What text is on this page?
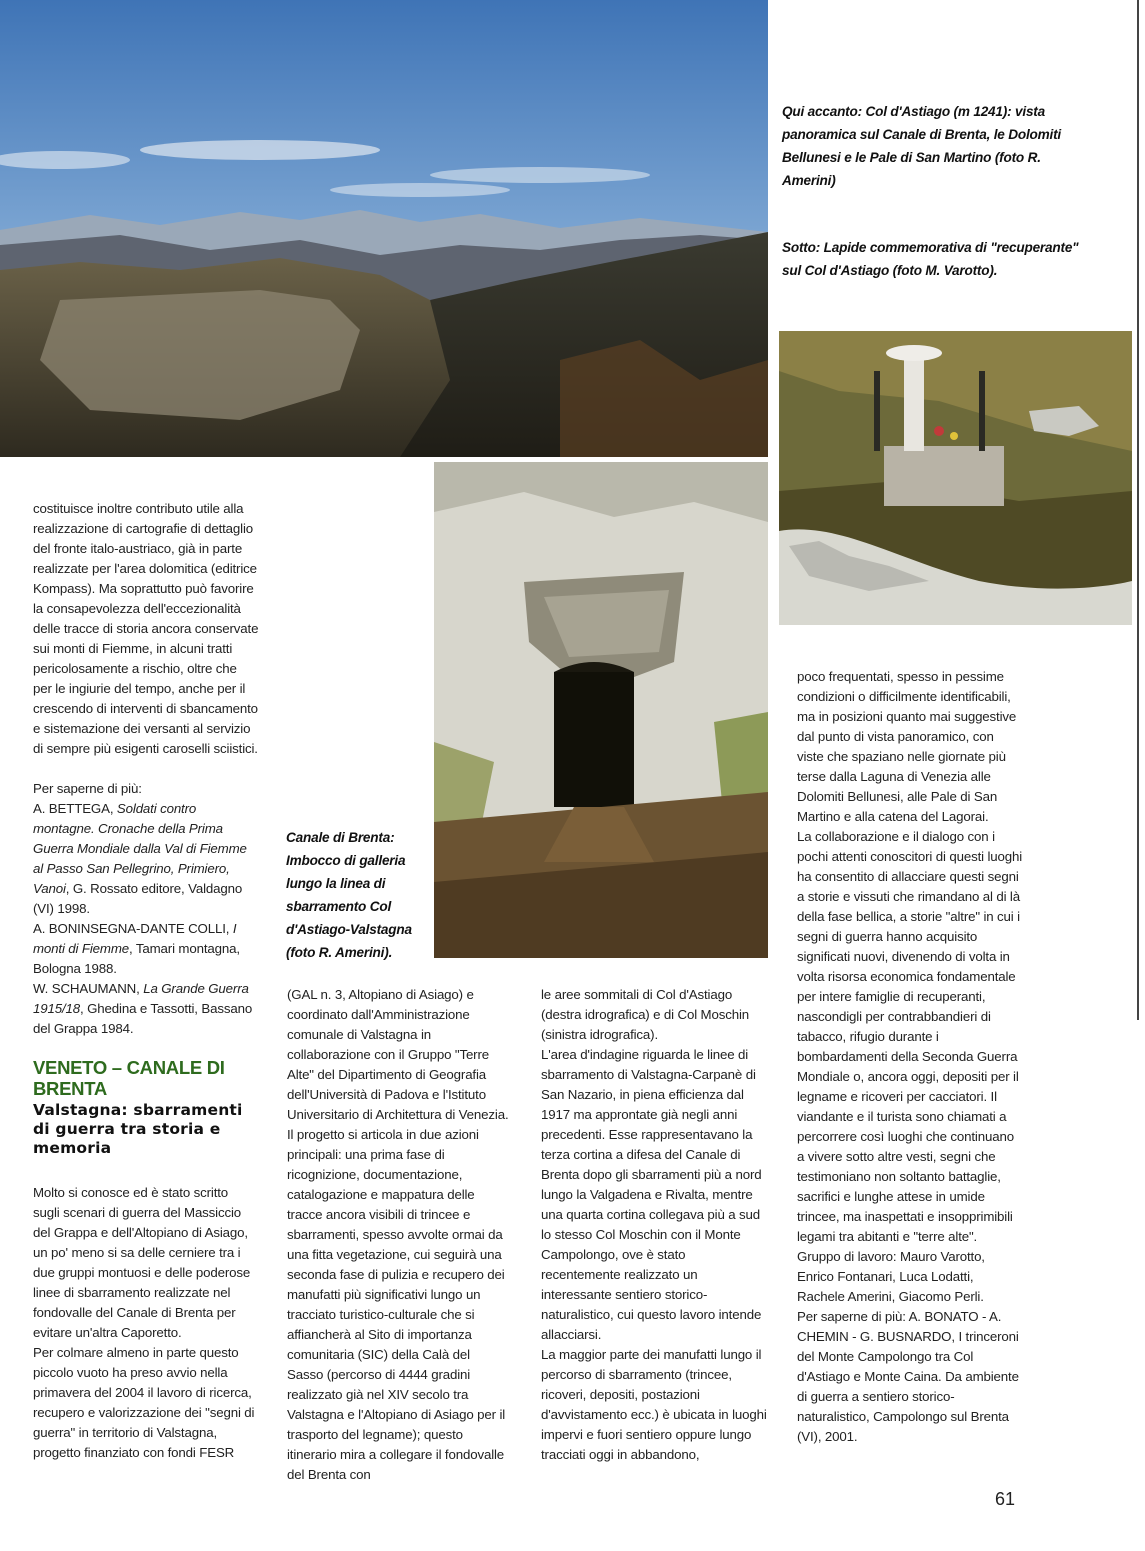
Qui accanto: Col d'Astiago (m 1241): vista panoramica sul Canale di Brenta, le Dolomiti Bellunesi e le Pale di San Martino (foto R. Amerini)
Sotto: Lapide commemorativa di "recuperante" sul Col d'Astiago (foto M. Varotto).

costituisce inoltre contributo utile alla realizzazione di cartografie di dettaglio del fronte italo-austriaco, già in parte realizzate per l'area dolomitica (editrice Kompass). Ma soprattutto può favorire la consapevolezza dell'eccezionalità delle tracce di storia ancora conservate sui monti di Fiemme, in alcuni tratti pericolosamente a rischio, oltre che per le ingiurie del tempo, anche per il crescendo di interventi di sbancamento e sistemazione dei versanti al servizio di sempre più esigenti caroselli sciistici.

Per saperne di più:

A. BETTEGA, Soldati contro montagne. Cronache della Prima Guerra Mondiale dalla Val di Fiemme al Passo San Pellegrino, Primiero, Vanoi, G. Rossato editore, Valdagno (VI) 1998.

A. BONINSEGNA-DANTE COLLI, I monti di Fiemme, Tamari montagna, Bologna 1988.

W. SCHAUMANN, La Grande Guerra 1915/18, Ghedina e Tassotti, Bassano del Grappa 1984.

VENETO – CANALE DI BRENTA
Valstagna: sbarramenti di guerra tra storia e memoria

Molto si conosce ed è stato scritto sugli scenari di guerra del Massiccio del Grappa e dell'Altopiano di Asiago, un po' meno si sa delle cerniere tra i due gruppi montuosi e delle poderose linee di sbarramento realizzate nel fondovalle del Canale di Brenta per evitare un'altra Caporetto.

Per colmare almeno in parte questo piccolo vuoto ha preso avvio nella primavera del 2004 il lavoro di ricerca, recupero e valorizzazione dei "segni di guerra" in territorio di Valstagna, progetto finanziato con fondi FESR

Canale di Brenta: Imbocco di galleria lungo la linea di sbarramento Col d'Astiago-Valstagna (foto R. Amerini).

(GAL n. 3, Altopiano di Asiago) e coordinato dall'Amministrazione comunale di Valstagna in collaborazione con il Gruppo "Terre Alte" del Dipartimento di Geografia dell'Università di Padova e l'Istituto Universitario di Architettura di Venezia.

Il progetto si articola in due azioni principali: una prima fase di ricognizione, documentazione, catalogazione e mappatura delle tracce ancora visibili di trincee e sbarramenti, spesso avvolte ormai da una fitta vegetazione, cui seguirà una seconda fase di pulizia e recupero dei manufatti più significativi lungo un tracciato turistico-culturale che si affiancherà al Sito di importanza comunitaria (SIC) della Calà del Sasso (percorso di 4444 gradini realizzato già nel XIV secolo tra Valstagna e l'Altopiano di Asiago per il trasporto del legname); questo itinerario mira a collegare il fondovalle del Brenta con

le aree sommitali di Col d'Astiago (destra idrografica) e di Col Moschin (sinistra idrografica).

L'area d'indagine riguarda le linee di sbarramento di Valstagna-Carpanè di San Nazario, in piena efficienza dal 1917 ma approntate già negli anni precedenti. Esse rappresentavano la terza cortina a difesa del Canale di Brenta dopo gli sbarramenti più a nord lungo la Valgadena e Rivalta, mentre una quarta cortina collegava più a sud lo stesso Col Moschin con il Monte Campolongo, ove è stato recentemente realizzato un interessante sentiero storico-naturalistico, cui questo lavoro intende allacciarsi.

La maggior parte dei manufatti lungo il percorso di sbarramento (trincee, ricoveri, depositi, postazioni d'avvistamento ecc.) è ubicata in luoghi impervi e fuori sentiero oppure lungo tracciati oggi in abbandono,

poco frequentati, spesso in pessime condizioni o difficilmente identificabili, ma in posizioni quanto mai suggestive dal punto di vista panoramico, con viste che spaziano nelle giornate più terse dalla Laguna di Venezia alle Dolomiti Bellunesi, alle Pale di San Martino e alla catena del Lagorai.

La collaborazione e il dialogo con i pochi attenti conoscitori di questi luoghi ha consentito di allacciare questi segni a storie e vissuti che rimandano al di là della fase bellica, a storie "altre" in cui i segni di guerra hanno acquisito significati nuovi, divenendo di volta in volta risorsa economica fondamentale per intere famiglie di recuperanti, nascondigli per contrabbandieri di tabacco, rifugio durante i bombardamenti della Seconda Guerra Mondiale o, ancora oggi, depositi per il legname e ricoveri per cacciatori. Il viandante e il turista sono chiamati a percorrere così luoghi che continuano a vivere sotto altre vesti, segni che testimoniano non soltanto battaglie, sacrifici e lunghe attese in umide trincee, ma inaspettati e insopprimibili legami tra abitanti e "terre alte".

Gruppo di lavoro: Mauro Varotto, Enrico Fontanari, Luca Lodatti, Rachele Amerini, Giacomo Perli.

Per saperne di più: A. BONATO - A. CHEMIN - G. BUSNARDO, I trinceroni del Monte Campolongo tra Col d'Astiago e Monte Caina. Da ambiente di guerra a sentiero storico-naturalistico, Campolongo sul Brenta (VI), 2001.

61
